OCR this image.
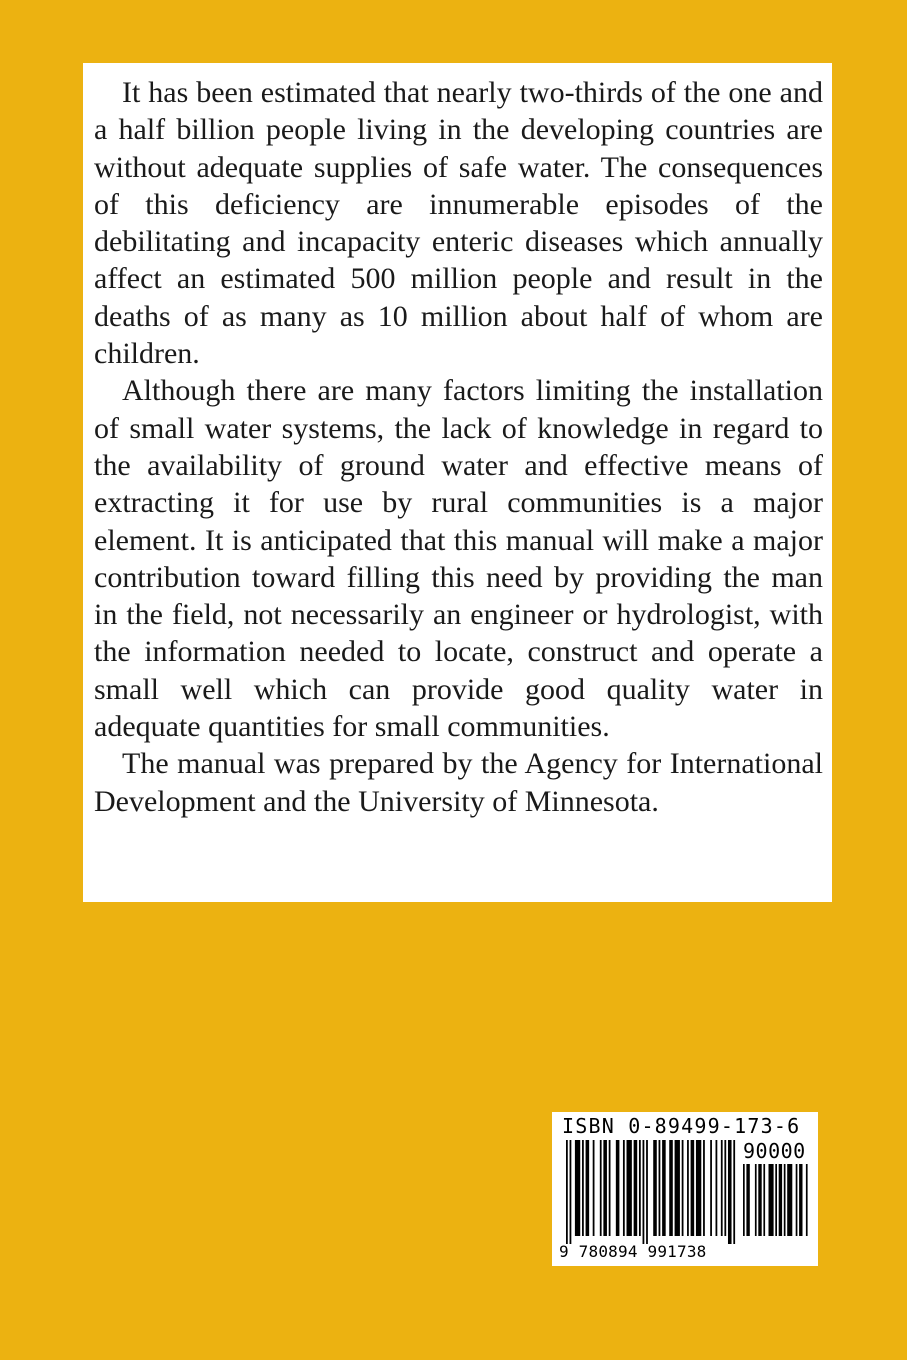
It has been estimated that nearly two-thirds of the one and a half billion people living in the developing countries are without adequate supplies of safe water. The consequences of this deficiency are innumerable episodes of the debilitating and incapacity enteric diseases which annually affect an estimated 500 million people and result in the deaths of as many as 10 million about half of whom are children.

Although there are many factors limiting the installation of small water systems, the lack of knowledge in regard to the availability of ground water and effective means of extracting it for use by rural communities is a major element. It is anticipated that this manual will make a major contribution toward filling this need by providing the man in the field, not necessarily an engineer or hydrologist, with the information needed to locate, construct and operate a small well which can provide good quality water in adequate quantities for small communities.

The manual was prepared by the Agency for International Development and the University of Minnesota.

ISBN 0-89499-173-6
90000
9 780894 991738
